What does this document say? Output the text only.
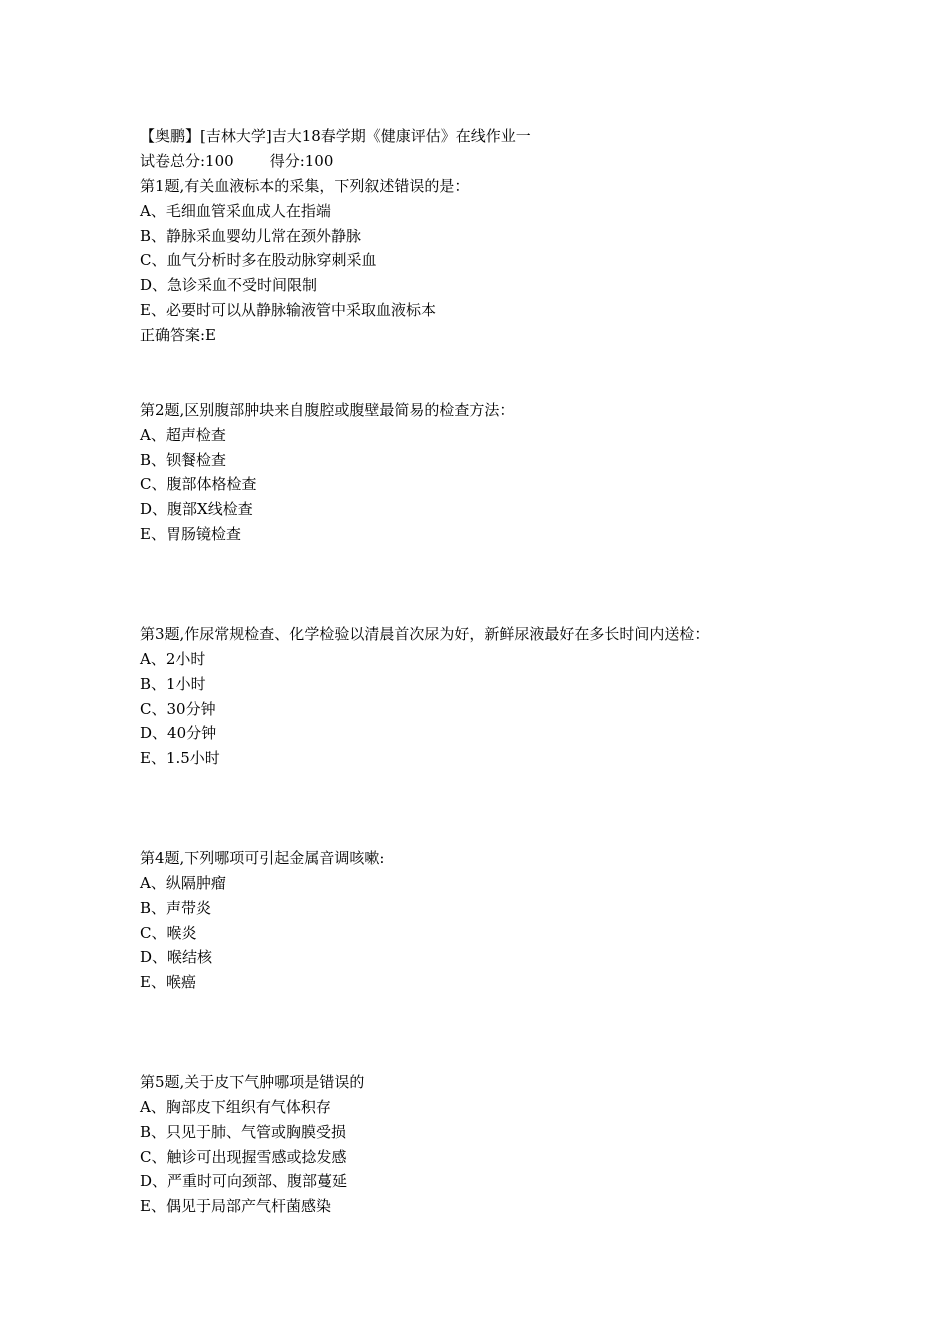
【奥鹏】[吉林大学]吉大18春学期《健康评估》在线作业一
试卷总分:100 得分:100
第1题,有关血液标本的采集，下列叙述错误的是：
A、毛细血管采血成人在指端
B、静脉采血婴幼儿常在颈外静脉
C、血气分析时多在股动脉穿刺采血
D、急诊采血不受时间限制
E、必要时可以从静脉输液管中采取血液标本
正确答案:E
第2题,区别腹部肿块来自腹腔或腹壁最简易的检查方法：
A、超声检查
B、钡餐检查
C、腹部体格检查
D、腹部X线检查
E、胃肠镜检查
第3题,作尿常规检查、化学检验以清晨首次尿为好，新鲜尿液最好在多长时间内送检：
A、2小时
B、1小时
C、30分钟
D、40分钟
E、1.5小时
第4题,下列哪项可引起金属音调咳嗽:
A、纵隔肿瘤
B、声带炎
C、喉炎
D、喉结核
E、喉癌
第5题,关于皮下气肿哪项是错误的
A、胸部皮下组织有气体积存
B、只见于肺、气管或胸膜受损
C、触诊可出现握雪感或捻发感
D、严重时可向颈部、腹部蔓延
E、偶见于局部产气杆菌感染
